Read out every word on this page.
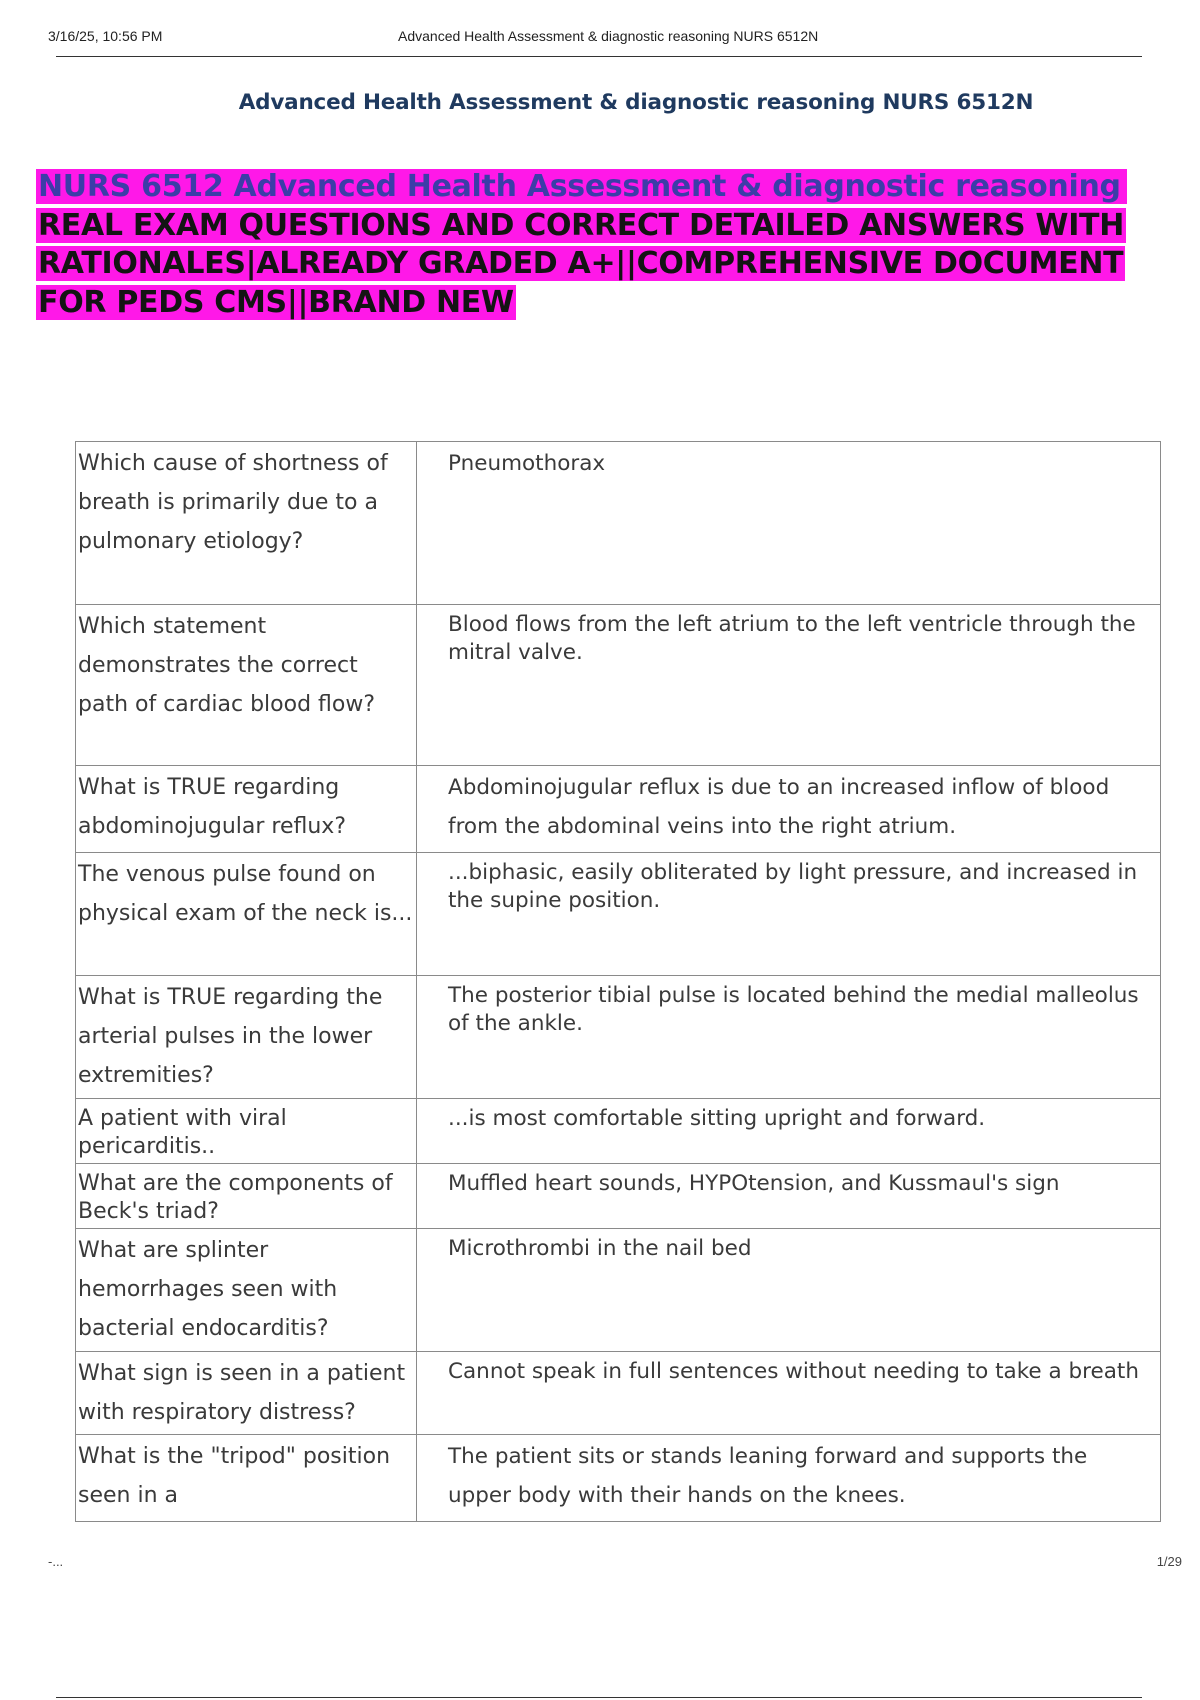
3/16/25, 10:56 PM	Advanced Health Assessment & diagnostic reasoning NURS 6512N
Advanced Health Assessment & diagnostic reasoning NURS 6512N
NURS 6512 Advanced Health Assessment & diagnostic reasoning REAL EXAM QUESTIONS AND CORRECT DETAILED ANSWERS WITH RATIONALES|ALREADY GRADED A+||COMPREHENSIVE DOCUMENT FOR PEDS CMS||BRAND NEW
Which cause of shortness of breath is primarily due to a pulmonary etiology?	Pneumothorax
Which statement demonstrates the correct path of cardiac blood flow?	Blood flows from the left atrium to the left ventricle through the mitral valve.
What is TRUE regarding abdominojugular reflux?	Abdominojugular reflux is due to an increased inflow of blood from the abdominal veins into the right atrium.
The venous pulse found on physical exam of the neck is...	...biphasic, easily obliterated by light pressure, and increased in the supine position.
What is TRUE regarding the arterial pulses in the lower extremities?	The posterior tibial pulse is located behind the medial malleolus of the ankle.
A patient with viral pericarditis..	...is most comfortable sitting upright and forward.
What are the components of Beck's triad?	Muffled heart sounds, HYPOtension, and Kussmaul's sign
What are splinter hemorrhages seen with bacterial endocarditis?	Microthrombi in the nail bed
What sign is seen in a patient with respiratory distress?	Cannot speak in full sentences without needing to take a breath
What is the "tripod" position seen in a	The patient sits or stands leaning forward and supports the upper body with their hands on the knees.
-...	1/29
